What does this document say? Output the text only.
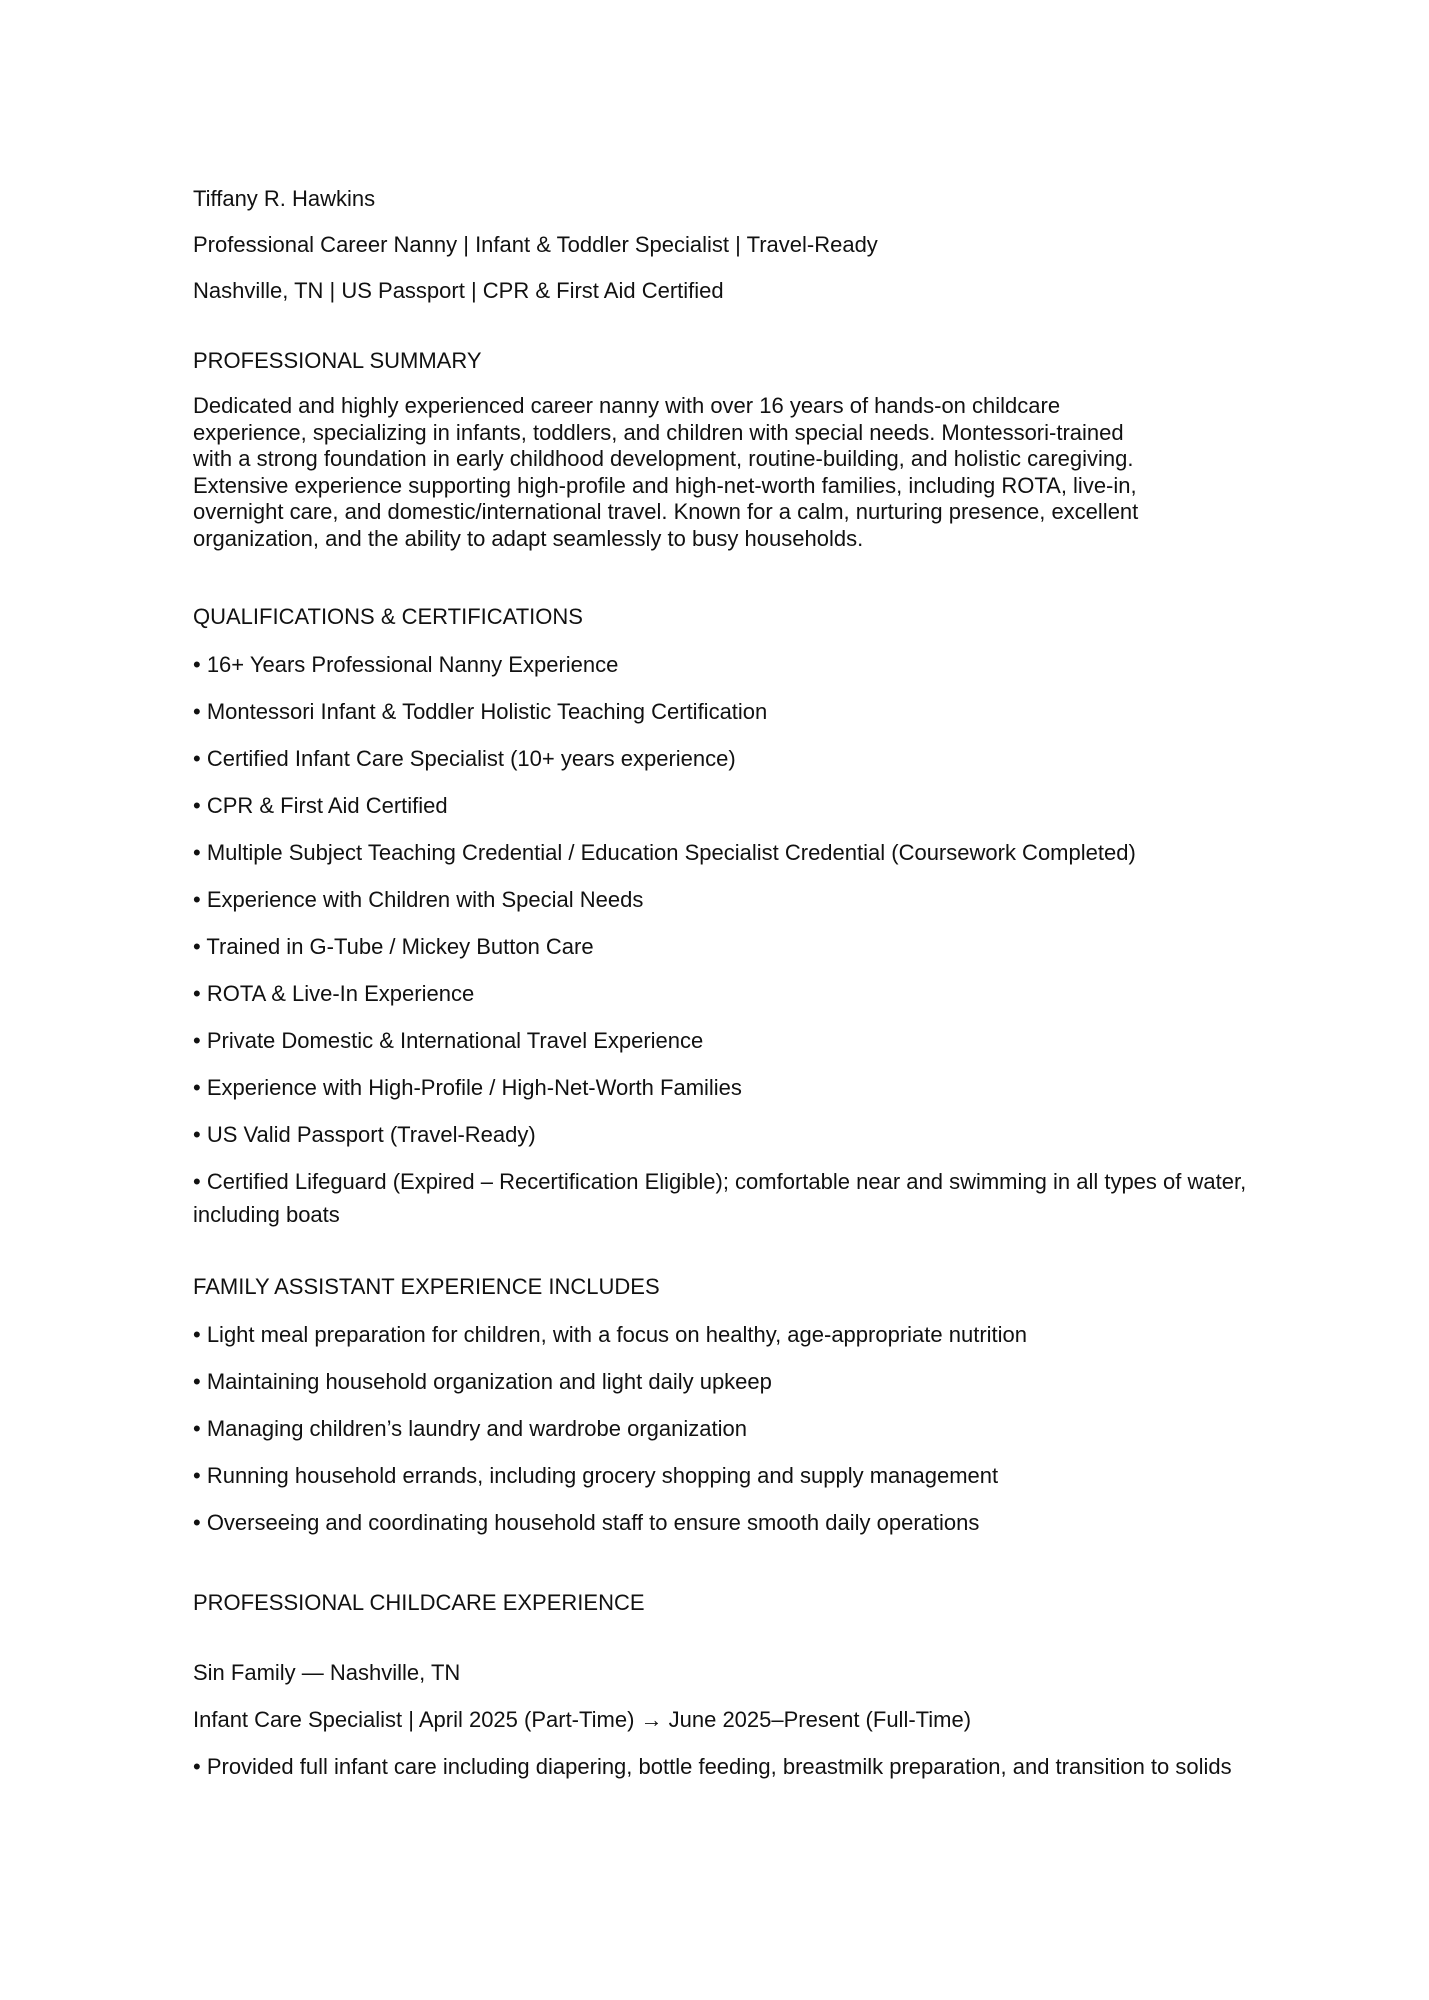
Tiffany R. Hawkins

Professional Career Nanny | Infant & Toddler Specialist | Travel-Ready

Nashville, TN | US Passport | CPR & First Aid Certified

PROFESSIONAL SUMMARY

Dedicated and highly experienced career nanny with over 16 years of hands-on childcare

experience, specializing in infants, toddlers, and children with special needs. Montessori-trained

with a strong foundation in early childhood development, routine-building, and holistic caregiving.

Extensive experience supporting high-profile and high-net-worth families, including ROTA, live-in,

overnight care, and domestic/international travel. Known for a calm, nurturing presence, excellent

organization, and the ability to adapt seamlessly to busy households.

QUALIFICATIONS & CERTIFICATIONS

• 16+ Years Professional Nanny Experience

• Montessori Infant & Toddler Holistic Teaching Certification

• Certified Infant Care Specialist (10+ years experience)

• CPR & First Aid Certified

• Multiple Subject Teaching Credential / Education Specialist Credential (Coursework Completed)

• Experience with Children with Special Needs

• Trained in G-Tube / Mickey Button Care

• ROTA & Live-In Experience

• Private Domestic & International Travel Experience

• Experience with High-Profile / High-Net-Worth Families

• US Valid Passport (Travel-Ready)

• Certified Lifeguard (Expired – Recertification Eligible); comfortable near and swimming in all types of water, including boats

FAMILY ASSISTANT EXPERIENCE INCLUDES

• Light meal preparation for children, with a focus on healthy, age-appropriate nutrition

• Maintaining household organization and light daily upkeep

• Managing children’s laundry and wardrobe organization

• Running household errands, including grocery shopping and supply management

• Overseeing and coordinating household staff to ensure smooth daily operations

PROFESSIONAL CHILDCARE EXPERIENCE

Sin Family — Nashville, TN

Infant Care Specialist | April 2025 (Part-Time) → June 2025–Present (Full-Time)

• Provided full infant care including diapering, bottle feeding, breastmilk preparation, and transition to solids
